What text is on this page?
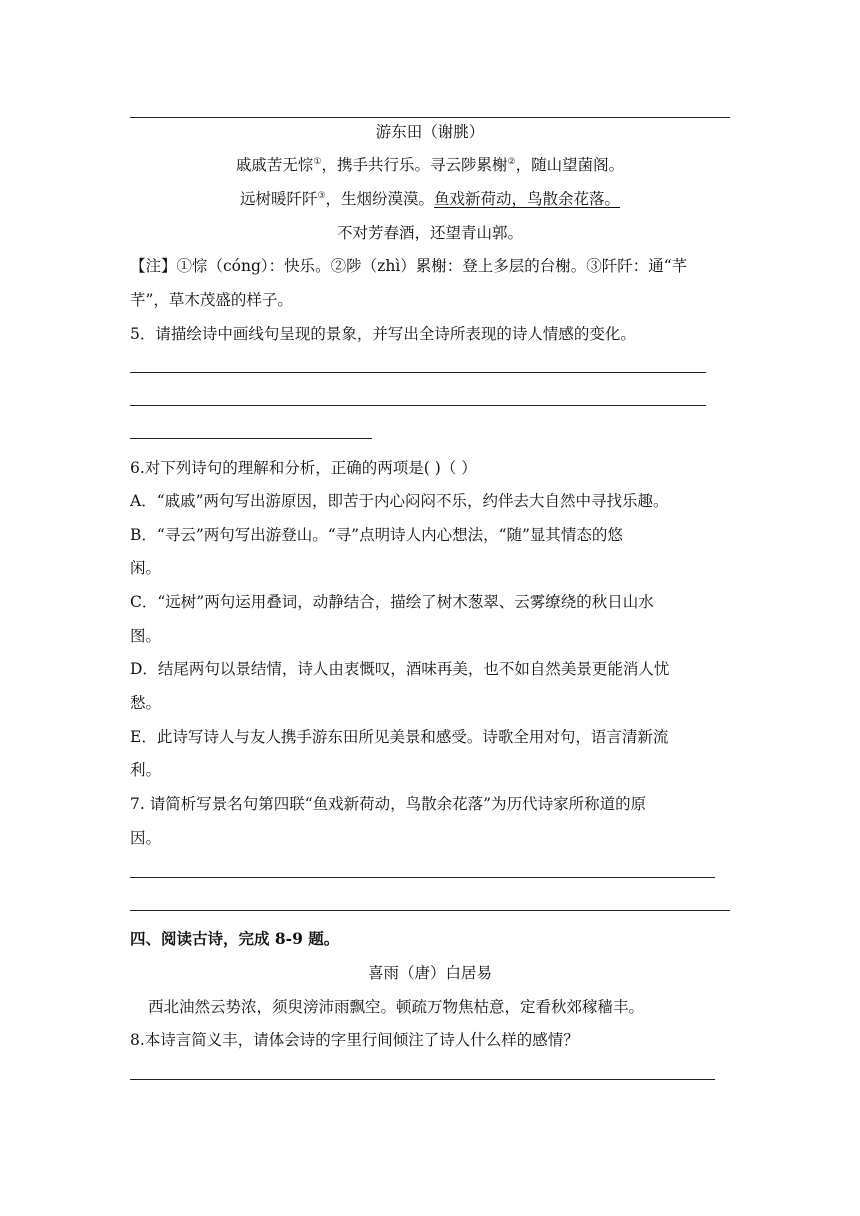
游东田（谢朓）
戚戚苦无悰①，携手共行乐。寻云陟累榭②，随山望菌阁。
远树暖阡阡③，生烟纷漠漠。鱼戏新荷动，鸟散余花落。
不对芳春酒，还望青山郭。
【注】①悰（cóng）：快乐。②陟（zhì）累榭：登上多层的台榭。③阡阡：通“芊
芊”，草木茂盛的样子。
5．请描绘诗中画线句呈现的景象，并写出全诗所表现的诗人情感的变化。
6.对下列诗句的理解和分析，正确的两项是( )（ ）
A．“戚戚”两句写出游原因，即苦于内心闷闷不乐，约伴去大自然中寻找乐趣。
B．“寻云”两句写出游登山。“寻”点明诗人内心想法，“随”显其情态的悠
闲。
C．“远树”两句运用叠词，动静结合，描绘了树木葱翠、云雾缭绕的秋日山水
图。
D．结尾两句以景结情，诗人由衷慨叹，酒味再美，也不如自然美景更能消人忧
愁。
E．此诗写诗人与友人携手游东田所见美景和感受。诗歌全用对句，语言清新流
利。
7. 请简析写景名句第四联“鱼戏新荷动，鸟散余花落”为历代诗家所称道的原
因。
四、阅读古诗，完成 8-9 题。
喜雨（唐）白居易
西北油然云势浓，须臾滂沛雨飘空。顿疏万物焦枯意，定看秋郊稼穑丰。
8.本诗言简义丰，请体会诗的字里行间倾注了诗人什么样的感情？
